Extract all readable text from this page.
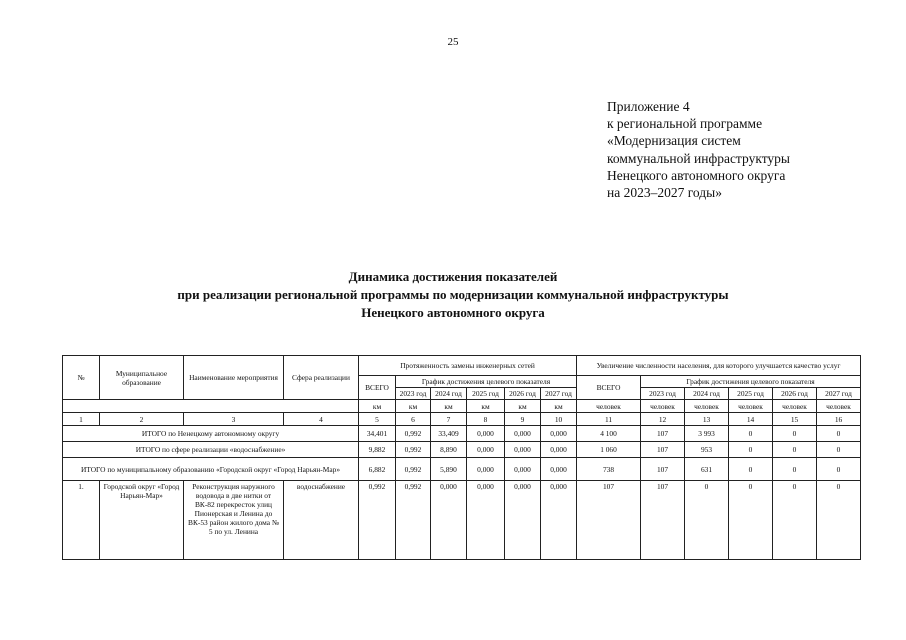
25
Приложение 4
к региональной программе
«Модернизация систем
коммунальной инфраструктуры
Ненецкого автономного округа
на 2023–2027 годы»
Динамика достижения показателей
при реализации региональной программы по модернизации коммунальной инфраструктуры
Ненецкого автономного округа
№	Муниципальное образование	Наименование мероприятия	Сфера реализации	Протяженность замены инженерных сетей						Увеличение численности населения, для которого улучшается качество услуг					
				ВСЕГО	График достижения целевого показателя					ВСЕГО	График достижения целевого показателя				
					2023 год	2024 год	2025 год	2026 год	2027 год		2023 год	2024 год	2025 год	2026 год	2027 год
				км	км	км	км	км	км	человек	человек	человек	человек	человек	человек
1	2	3	4	5	6	7	8	9	10	11	12	13	14	15	16
ИТОГО по Ненецкому автономному округу				34,401	0,992	33,409	0,000	0,000	0,000	4 100	107	3 993	0	0	0
ИТОГО по сфере реализации «водоснабжение»				9,882	0,992	8,890	0,000	0,000	0,000	1 060	107	953	0	0	0
ИТОГО по муниципальному образованию «Городской округ «Город Нарьян-Мар»				6,882	0,992	5,890	0,000	0,000	0,000	738	107	631	0	0	0
1.	Городской округ «Город Нарьян-Мар»	Реконструкция наружного водовода в две нитки от ВК-82 перекресток улиц Пионерская и Ленина до ВК-53 район жилого дома № 5 по ул. Ленина	водоснабжение	0,992	0,992	0,000	0,000	0,000	0,000	107	107	0	0	0	0
